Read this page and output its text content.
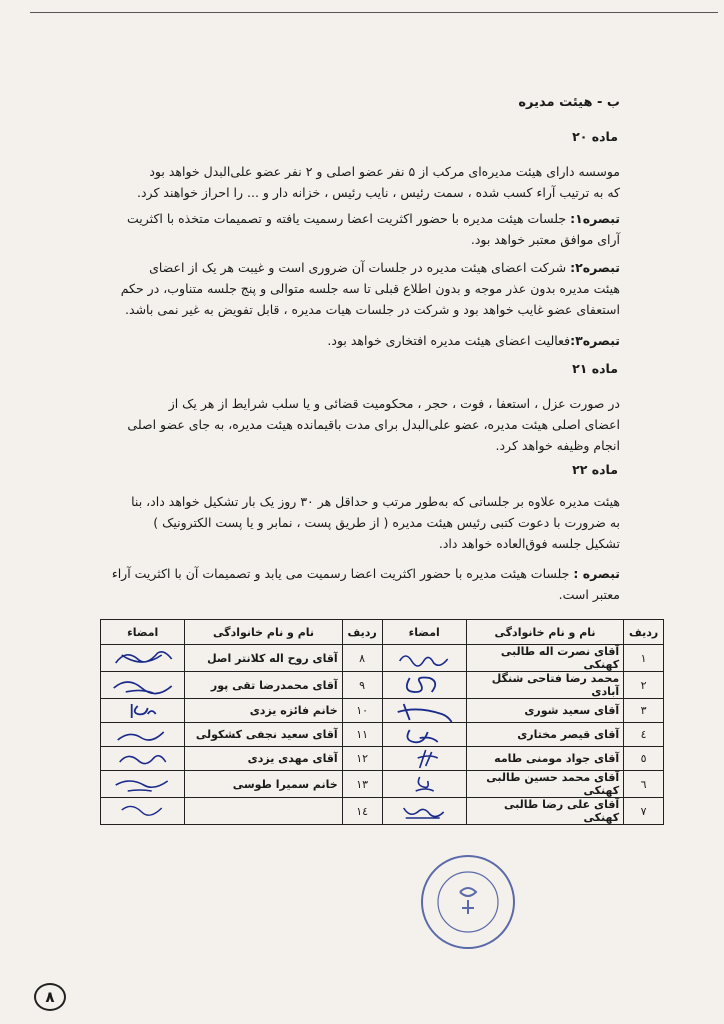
ب - هیئت مدیره
ماده ۲۰
موسسه دارای هیئت مدیره‌ای مرکب از ۵ نفر عضو اصلی و ۲ نفر عضو علی‌البدل خواهد بود
که به ترتیب آراء کسب شده ، سمت رئیس ، نایب رئیس ، خزانه دار و ... را احراز خواهند کرد.
تبصره۱: جلسات هیئت مدیره با حضور اکثریت اعضا رسمیت یافته و تصمیمات متخذه با اکثریت
آرای موافق معتبر خواهد بود.
تبصره۲: شرکت اعضای هیئت مدیره در جلسات آن ضروری است و غیبت هر یک از اعضای
هیئت مدیره بدون عذر موجه و بدون اطلاع قبلی تا سه جلسه متوالی و پنج جلسه متناوب، در حکم
استعفای عضو غایب خواهد بود و شرکت در جلسات هیات مدیره ، قابل تفویض به غیر نمی باشد.
تبصره۳:فعالیت اعضای هیئت مدیره افتخاری خواهد بود.
ماده ۲۱
در صورت عزل ، استعفا ، فوت ، حجر ، محکومیت قضائی و یا سلب شرایط از هر یک از
اعضای اصلی هیئت مدیره، عضو علی‌البدل برای مدت باقیمانده هیئت مدیره، به جای عضو اصلی
انجام وظیفه خواهد کرد.
ماده ۲۲
هیئت مدیره علاوه بر جلساتی که به‌طور مرتب و حداقل هر ۳۰ روز یک بار تشکیل خواهد داد، بنا
به ضرورت با دعوت کتبی رئیس هیئت مدیره ( از طریق پست ، نمابر و یا پست الکترونیک )
تشکیل جلسه فوق‌العاده خواهد داد.
تبصره : جلسات هیئت مدیره با حضور اکثریت اعضا رسمیت می یابد و تصمیمات آن با اکثریت آراء
معتبر است.
ردیف	نام و نام خانوادگی	امضاء	ردیف	نام و نام خانوادگی	امضاء
۱	آقای نصرت اله طالبی کهنکی		۸	آقای روح اله کلانتر اصل	

۲	محمد رضا فتاحی شنگل آبادی		۹	آقای محمدرضا تقی پور	

۳	آقای سعید شوری		۱۰	خانم فائزه یزدی	

٤	آقای قیصر مختاری		۱۱	آقای سعید نجفی کشکولی	

٥	آقای جواد مومنی طامه		۱۲	آقای مهدی یزدی	

٦	آقای محمد حسین طالبی کهنکی		۱۳	خانم سمیرا طوسی	

۷	آقای علی رضا طالبی کهنکی		۱٤		
۸
